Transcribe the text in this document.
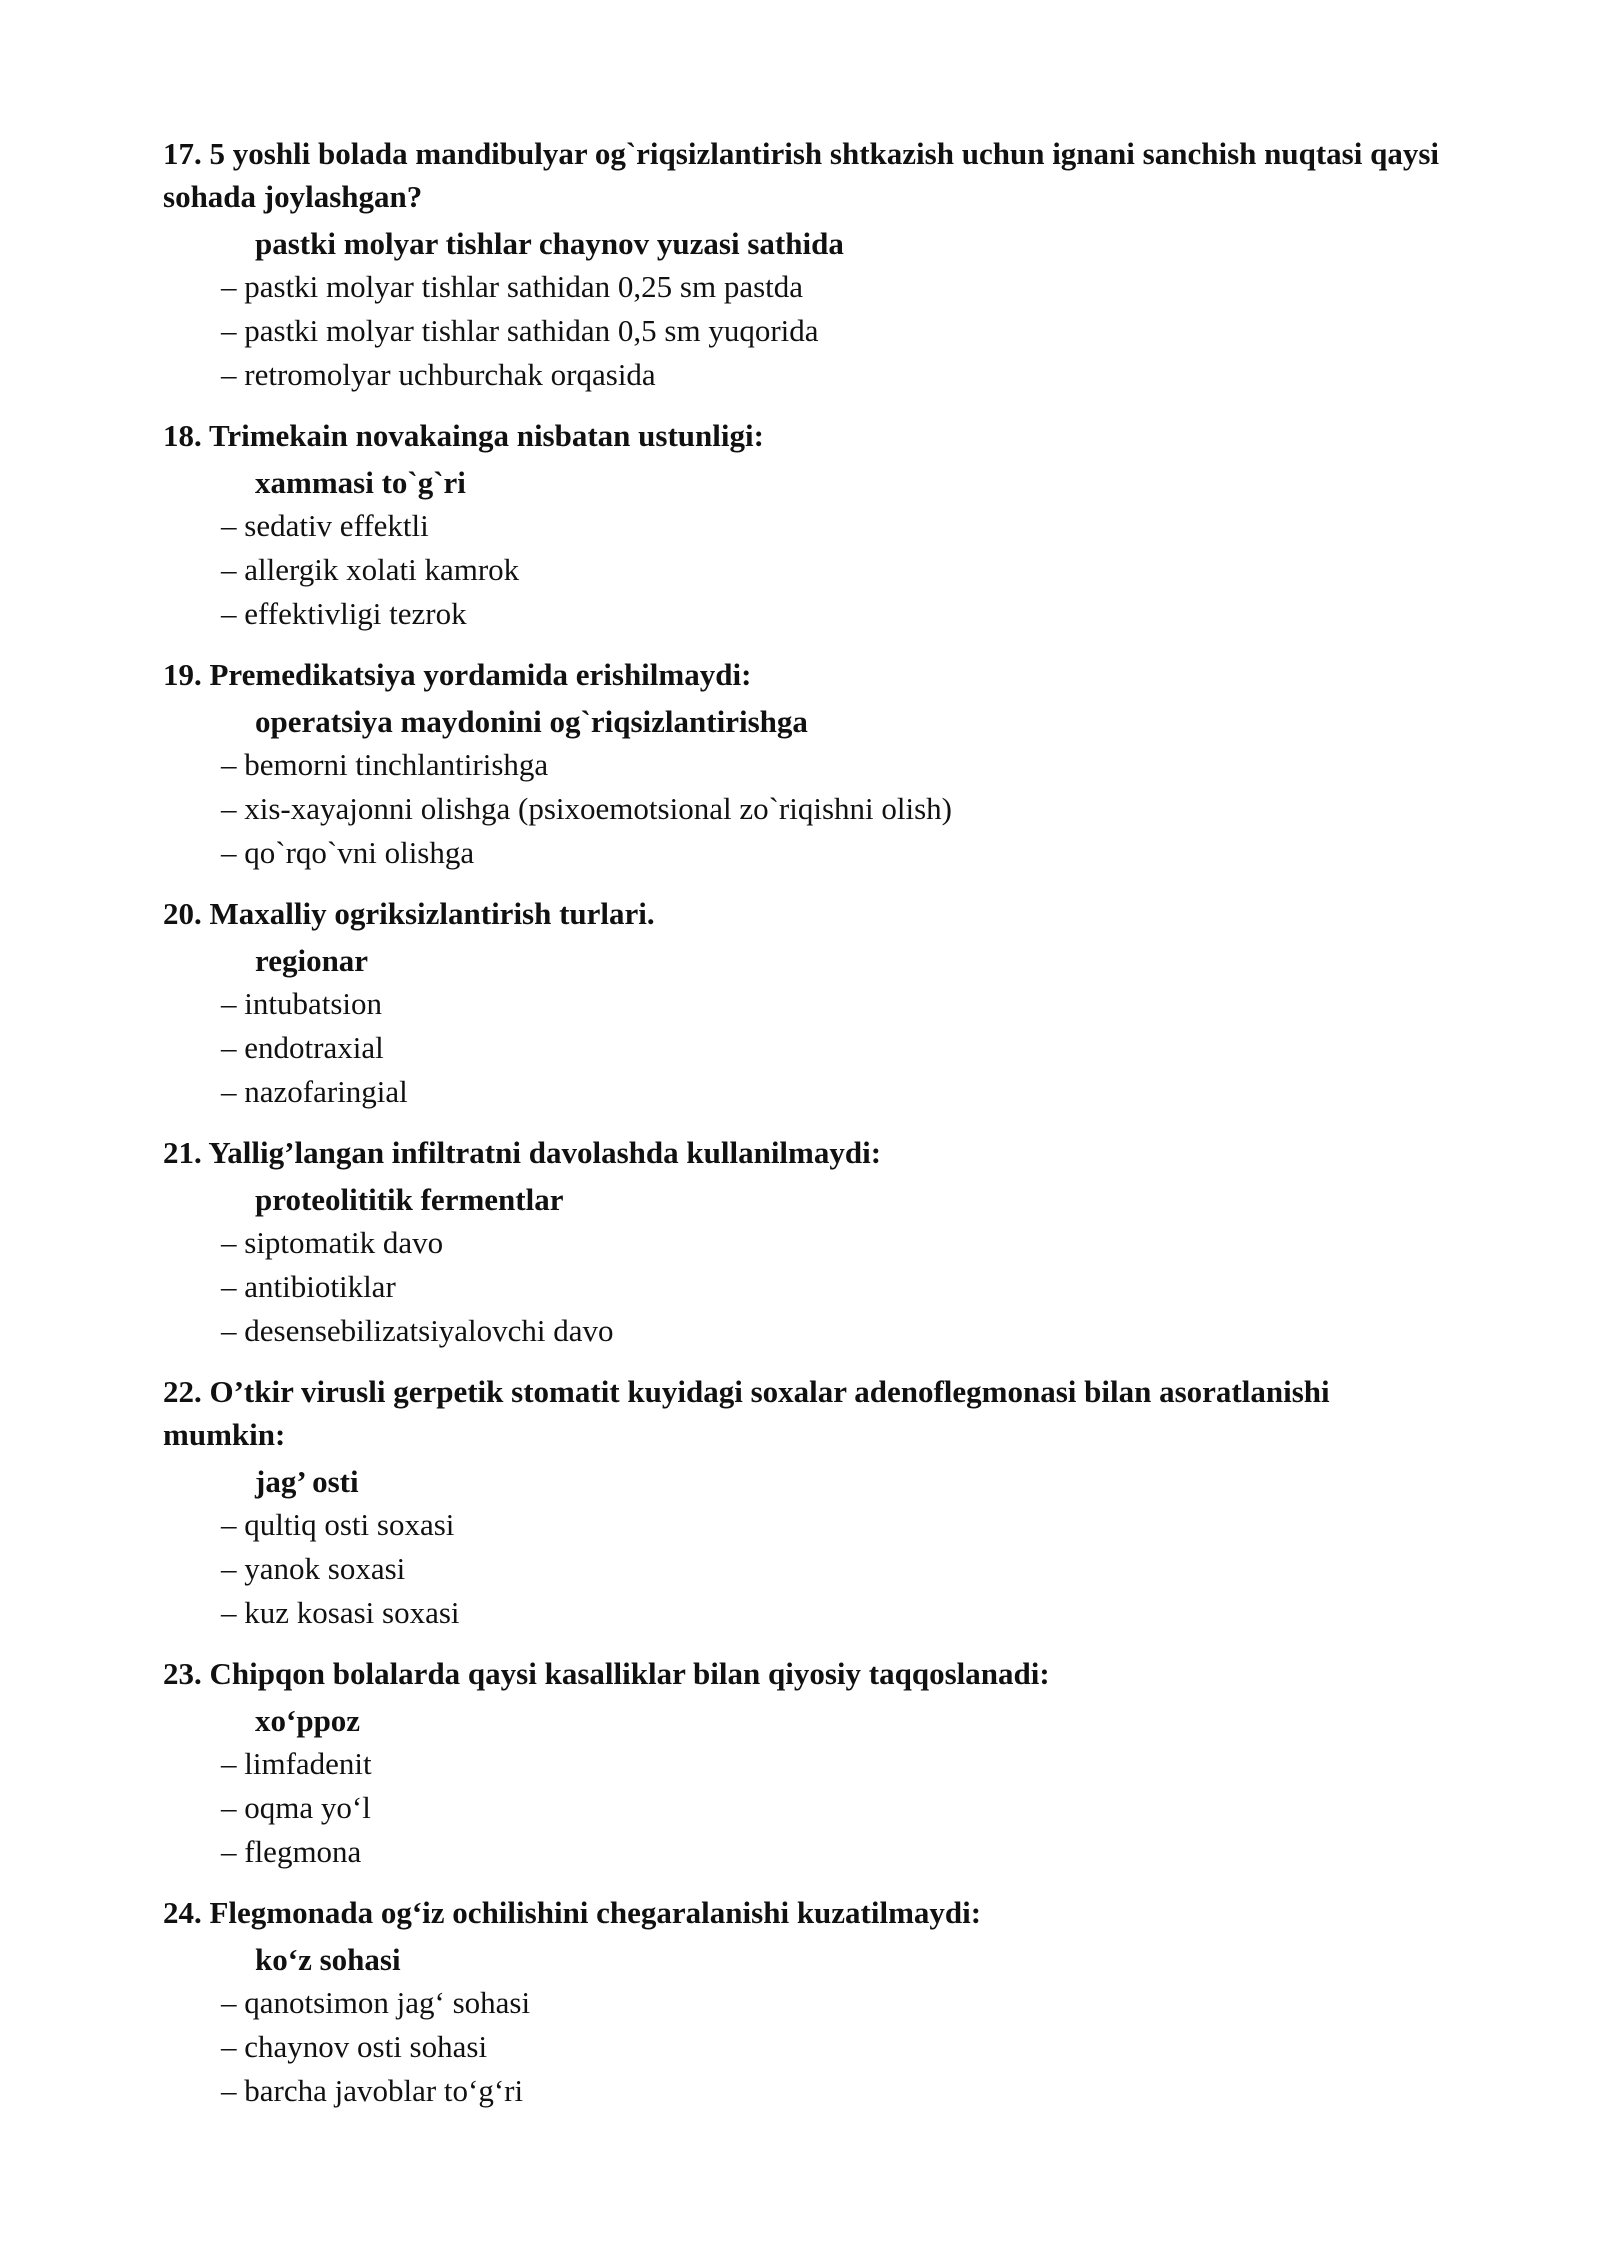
17. 5 yoshli bolada mandibulyar og`riqsizlantirish shtkazish uchun ignani sanchish nuqtasi qaysi sohada joylashgan?

pastki molyar tishlar chaynov yuzasi sathida

– pastki molyar tishlar sathidan 0,25 sm pastda
– pastki molyar tishlar sathidan 0,5 sm yuqorida
– retromolyar uchburchak orqasida

18. Trimekain novakainga nisbatan ustunligi:

xammasi to`g`ri

– sedativ effektli
– allergik xolati kamrok
– effektivligi tezrok

19. Premedikatsiya yordamida erishilmaydi:

operatsiya maydonini og`riqsizlantirishga

– bemorni tinchlantirishga
– xis-xayajonni olishga (psixoemotsional zo`riqishni olish)
– qo`rqo`vni olishga

20. Maxalliy ogriksizlantirish turlari.

regionar

– intubatsion
– endotraxial
– nazofaringial

21. Yallig’langan infiltratni davolashda kullanilmaydi:

proteolititik fermentlar

– siptomatik davo
– antibiotiklar
– desensebilizatsiyalovchi davo

22. O’tkir virusli gerpetik stomatit kuyidagi soxalar adenoflegmonasi bilan asoratlanishi mumkin:

jag’ osti

– qultiq osti soxasi
– yanok soxasi
– kuz kosasi soxasi

23. Chipqon bolalarda qaysi kasalliklar bilan qiyosiy taqqoslanadi:

xo‘ppoz

– limfadenit
– oqma yo‘l
– flegmona

24. Flegmonada og‘iz ochilishini chegaralanishi kuzatilmaydi:

ko‘z sohasi

– qanotsimon jag‘ sohasi
– chaynov osti sohasi
– barcha javoblar to‘g‘ri
